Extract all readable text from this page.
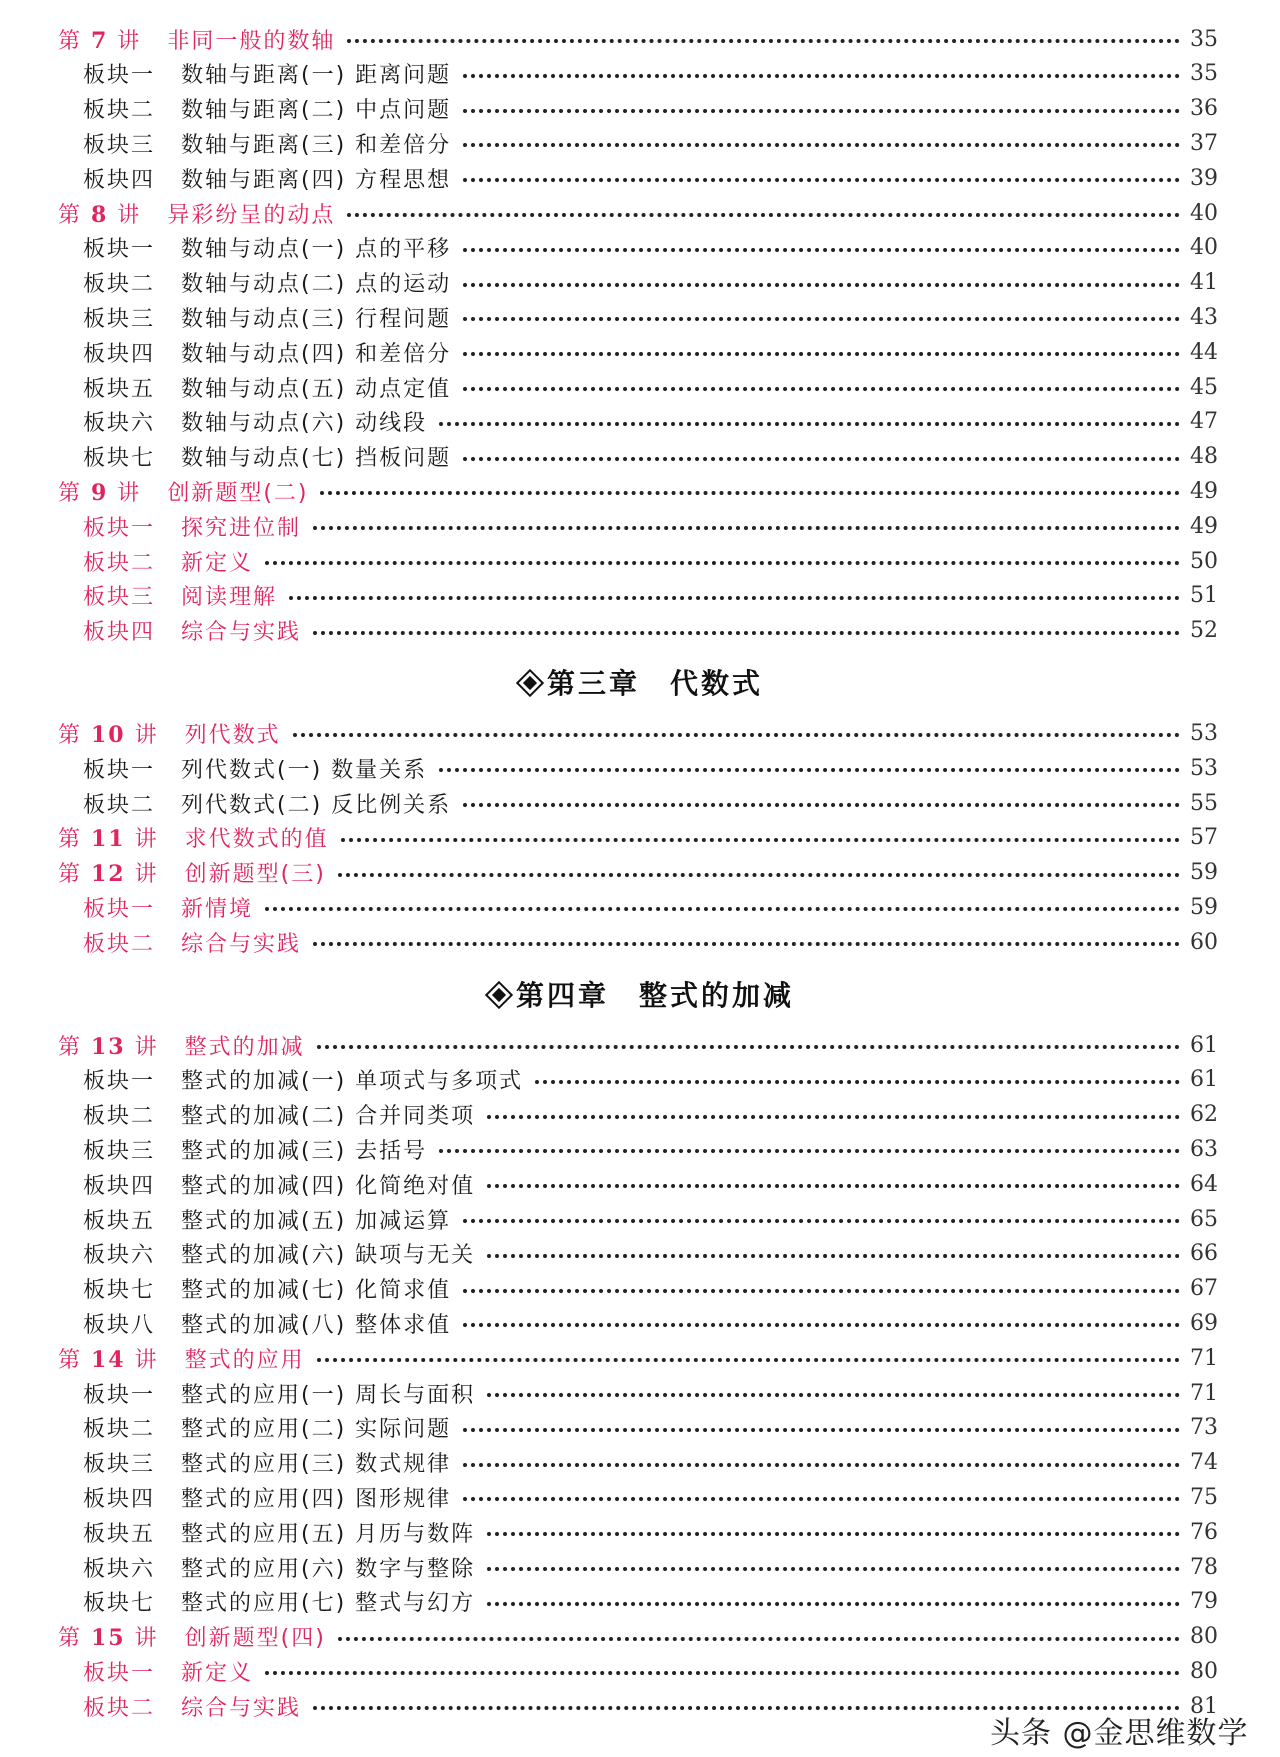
第 7 讲 非同一般的数轴	35
板块一 数轴与距离(一) 距离问题	35
板块二 数轴与距离(二) 中点问题	36
板块三 数轴与距离(三) 和差倍分	37
板块四 数轴与距离(四) 方程思想	39
第 8 讲 异彩纷呈的动点	40
板块一 数轴与动点(一) 点的平移	40
板块二 数轴与动点(二) 点的运动	41
板块三 数轴与动点(三) 行程问题	43
板块四 数轴与动点(四) 和差倍分	44
板块五 数轴与动点(五) 动点定值	45
板块六 数轴与动点(六) 动线段	47
板块七 数轴与动点(七) 挡板问题	48
第 9 讲 创新题型(二)	49
板块一 探究进位制	49
板块二 新定义	50
板块三 阅读理解	51
板块四 综合与实践	52
第三章 代数式
第 10 讲 列代数式	53
板块一 列代数式(一) 数量关系	53
板块二 列代数式(二) 反比例关系	55
第 11 讲 求代数式的值	57
第 12 讲 创新题型(三)	59
板块一 新情境	59
板块二 综合与实践	60
第四章 整式的加减
第 13 讲 整式的加减	61
板块一 整式的加减(一) 单项式与多项式	61
板块二 整式的加减(二) 合并同类项	62
板块三 整式的加减(三) 去括号	63
板块四 整式的加减(四) 化简绝对值	64
板块五 整式的加减(五) 加减运算	65
板块六 整式的加减(六) 缺项与无关	66
板块七 整式的加减(七) 化简求值	67
板块八 整式的加减(八) 整体求值	69
第 14 讲 整式的应用	71
板块一 整式的应用(一) 周长与面积	71
板块二 整式的应用(二) 实际问题	73
板块三 整式的应用(三) 数式规律	74
板块四 整式的应用(四) 图形规律	75
板块五 整式的应用(五) 月历与数阵	76
板块六 整式的应用(六) 数字与整除	78
板块七 整式的应用(七) 整式与幻方	79
第 15 讲 创新题型(四)	80
板块一 新定义	80
板块二 综合与实践	81
头条 @金思维数学
